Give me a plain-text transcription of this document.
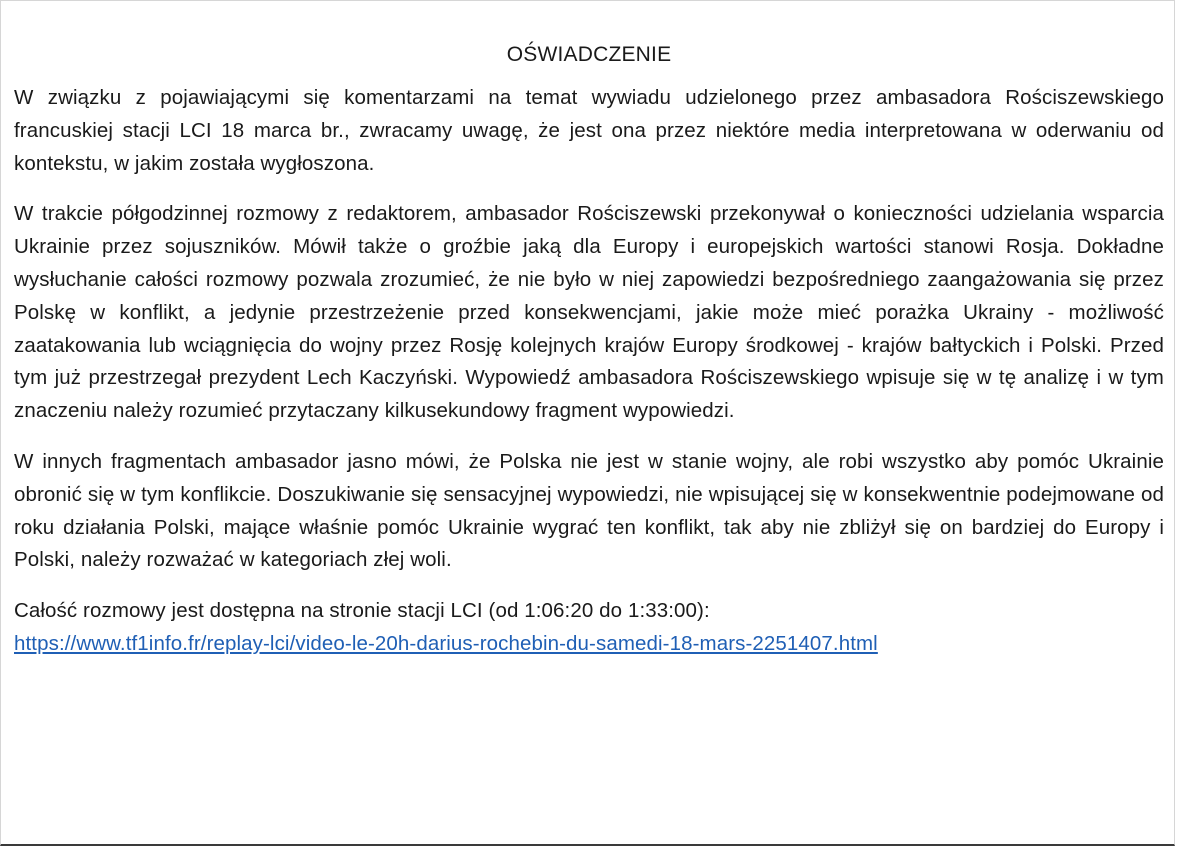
OŚWIADCZENIE

W związku z pojawiającymi się komentarzami na temat wywiadu udzielonego przez ambasadora Rościszewskiego francuskiej stacji LCI 18 marca br., zwracamy uwagę, że jest ona przez niektóre media interpretowana w oderwaniu od kontekstu, w jakim została wygłoszona.

W trakcie półgodzinnej rozmowy z redaktorem, ambasador Rościszewski przekonywał o konieczności udzielania wsparcia Ukrainie przez sojuszników. Mówił także o groźbie jaką dla Europy i europejskich wartości stanowi Rosja. Dokładne wysłuchanie całości rozmowy pozwala zrozumieć, że nie było w niej zapowiedzi bezpośredniego zaangażowania się przez Polskę w konflikt, a jedynie przestrzeżenie przed konsekwencjami, jakie może mieć porażka Ukrainy - możliwość zaatakowania lub wciągnięcia do wojny przez Rosję kolejnych krajów Europy środkowej - krajów bałtyckich i Polski. Przed tym już przestrzegał prezydent Lech Kaczyński. Wypowiedź ambasadora Rościszewskiego wpisuje się w tę analizę i w tym znaczeniu należy rozumieć przytaczany kilkusekundowy fragment wypowiedzi.

W innych fragmentach ambasador jasno mówi, że Polska nie jest w stanie wojny, ale robi wszystko aby pomóc Ukrainie obronić się w tym konflikcie. Doszukiwanie się sensacyjnej wypowiedzi, nie wpisującej się w konsekwentnie podejmowane od roku działania Polski, mające właśnie pomóc Ukrainie wygrać ten konflikt, tak aby nie zbliżył się on bardziej do Europy i Polski, należy rozważać w kategoriach złej woli.

Całość rozmowy jest dostępna na stronie stacji LCI (od 1:06:20 do 1:33:00):
https://www.tf1info.fr/replay-lci/video-le-20h-darius-rochebin-du-samedi-18-mars-2251407.html
